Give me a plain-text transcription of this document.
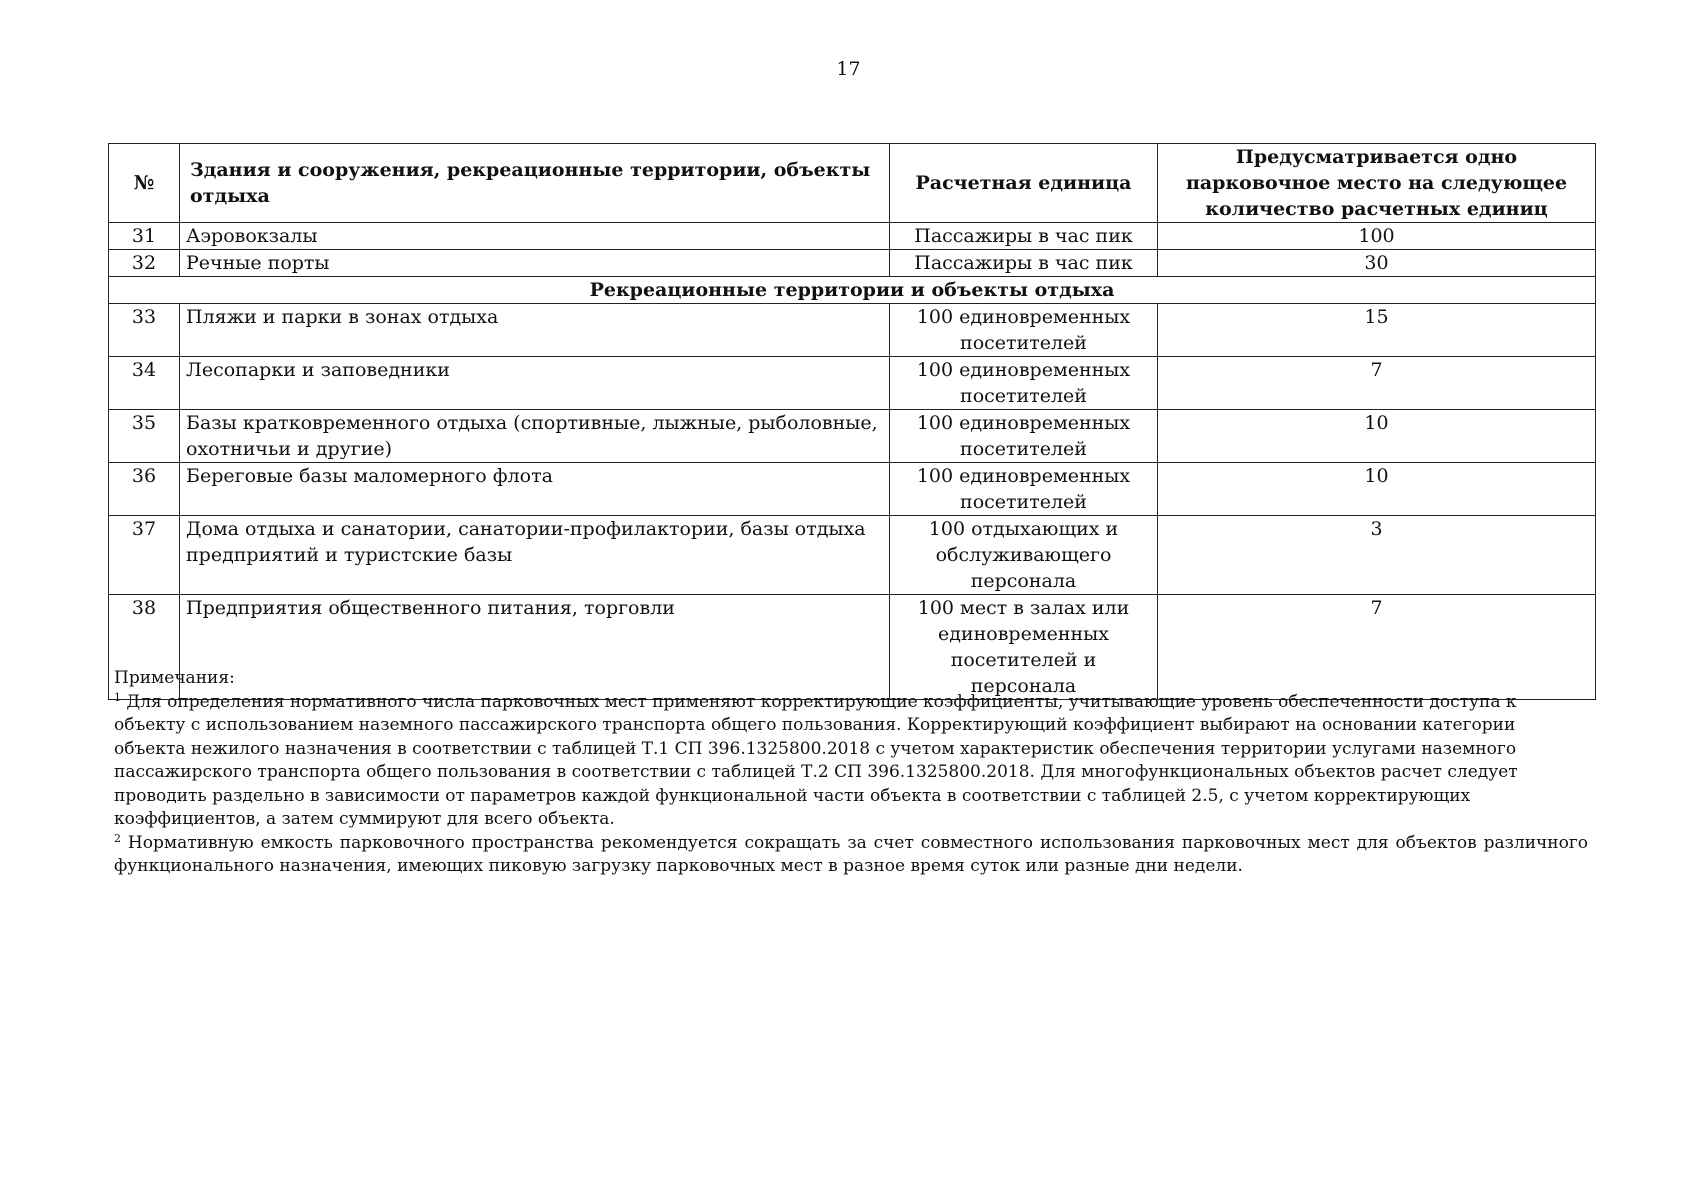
17
№	Здания и сооружения, рекреационные территории, объекты отдыха	Расчетная единица	Предусматривается одно парковочное место на следующее количество расчетных единиц
31	Аэровокзалы	Пассажиры в час пик	100
32	Речные порты	Пассажиры в час пик	30
Рекреационные территории и объекты отдыха			
33	Пляжи и парки в зонах отдыха	100 единовременных посетителей	15
34	Лесопарки и заповедники	100 единовременных посетителей	7
35	Базы кратковременного отдыха (спортивные, лыжные, рыболовные, охотничьи и другие)	100 единовременных посетителей	10
36	Береговые базы маломерного флота	100 единовременных посетителей	10
37	Дома отдыха и санатории, санатории-профилактории, базы отдыха предприятий и туристские базы	100 отдыхающих и обслуживающего персонала	3
38	Предприятия общественного питания, торговли	100 мест в залах или единовременных посетителей и персонала	7

Примечания:

$^1$ Для определения нормативного числа парковочных мест применяют корректирующие коэффициенты, учитывающие уровень обеспеченности доступа к объекту с использованием наземного пассажирского транспорта общего пользования. Корректирующий коэффициент выбирают на основании категории объекта нежилого назначения в соответствии с таблицей Т.1 СП 396.1325800.2018 с учетом характеристик обеспечения территории услугами наземного пассажирского транспорта общего пользования в соответствии с таблицей Т.2 СП 396.1325800.2018. Для многофункциональных объектов расчет следует проводить раздельно в зависимости от параметров каждой функциональной части объекта в соответствии с таблицей 2.5, с учетом корректирующих коэффициентов, а затем суммируют для всего объекта.

$^2$ Нормативную емкость парковочного пространства рекомендуется сокращать за счет совместного использования парковочных мест для объектов различного функционального назначения, имеющих пиковую загрузку парковочных мест в разное время суток или разные дни недели.
